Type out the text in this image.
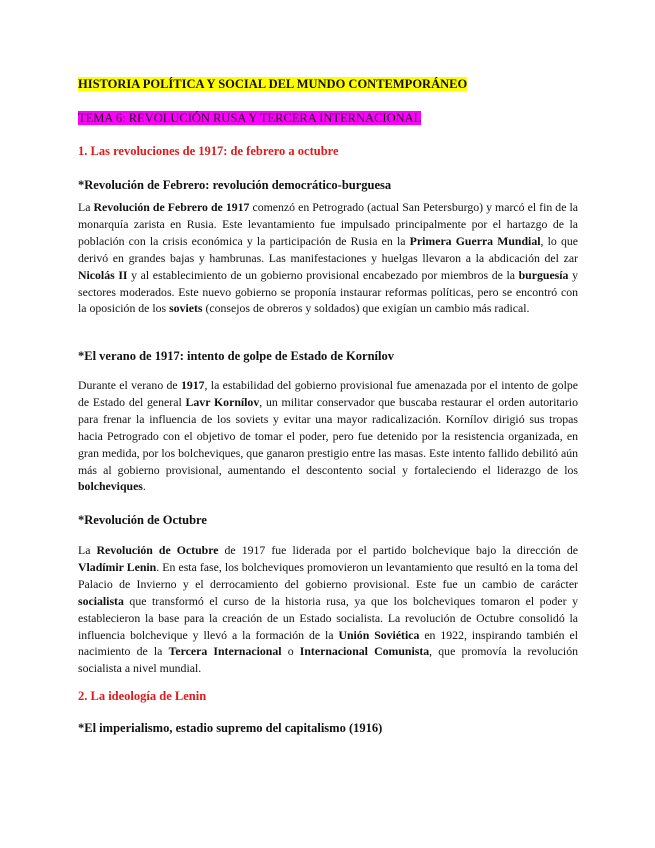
HISTORIA POLÍTICA Y SOCIAL DEL MUNDO CONTEMPORÁNEO

TEMA 6: REVOLUCIÓN RUSA Y TERCERA INTERNACIONAL

1. Las revoluciones de 1917: de febrero a octubre

*Revolución de Febrero: revolución democrático-burguesa

La Revolución de Febrero de 1917 comenzó en Petrogrado (actual San Petersburgo) y marcó el fin de la monarquía zarista en Rusia. Este levantamiento fue impulsado principalmente por el hartazgo de la población con la crisis económica y la participación de Rusia en la Primera Guerra Mundial, lo que derivó en grandes bajas y hambrunas. Las manifestaciones y huelgas llevaron a la abdicación del zar Nicolás II y al establecimiento de un gobierno provisional encabezado por miembros de la burguesía y sectores moderados. Este nuevo gobierno se proponía instaurar reformas políticas, pero se encontró con la oposición de los soviets (consejos de obreros y soldados) que exigían un cambio más radical.

*El verano de 1917: intento de golpe de Estado de Kornílov

Durante el verano de 1917, la estabilidad del gobierno provisional fue amenazada por el intento de golpe de Estado del general Lavr Kornílov, un militar conservador que buscaba restaurar el orden autoritario para frenar la influencia de los soviets y evitar una mayor radicalización. Kornílov dirigió sus tropas hacia Petrogrado con el objetivo de tomar el poder, pero fue detenido por la resistencia organizada, en gran medida, por los bolcheviques, que ganaron prestigio entre las masas. Este intento fallido debilitó aún más al gobierno provisional, aumentando el descontento social y fortaleciendo el liderazgo de los bolcheviques.

*Revolución de Octubre

La Revolución de Octubre de 1917 fue liderada por el partido bolchevique bajo la dirección de Vladímir Lenin. En esta fase, los bolcheviques promovieron un levantamiento que resultó en la toma del Palacio de Invierno y el derrocamiento del gobierno provisional. Este fue un cambio de carácter socialista que transformó el curso de la historia rusa, ya que los bolcheviques tomaron el poder y establecieron la base para la creación de un Estado socialista. La revolución de Octubre consolidó la influencia bolchevique y llevó a la formación de la Unión Soviética en 1922, inspirando también el nacimiento de la Tercera Internacional o Internacional Comunista, que promovía la revolución socialista a nivel mundial.

2. La ideología de Lenin

*El imperialismo, estadio supremo del capitalismo (1916)
